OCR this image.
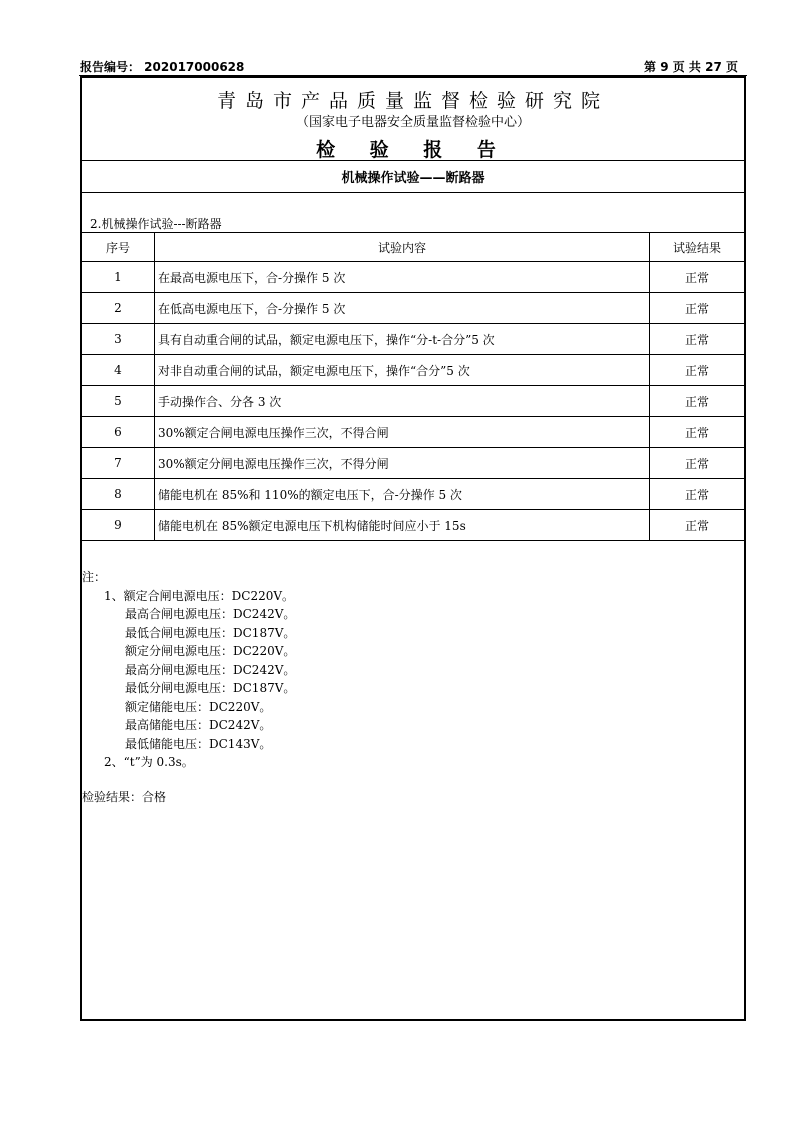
报告编号： 202017000628	第 9 页 共 27 页
青岛市产品质量监督检验研究院
（国家电子电器安全质量监督检验中心）
检 验 报 告
机械操作试验——断路器
2.机械操作试验---断路器
序号	试验内容	试验结果
1	在最高电源电压下，合-分操作 5 次	正常
2	在低高电源电压下，合-分操作 5 次	正常
3	具有自动重合闸的试品，额定电源电压下，操作“分-t-合分”5 次	正常
4	对非自动重合闸的试品，额定电源电压下，操作“合分”5 次	正常
5	手动操作合、分各 3 次	正常
6	30%额定合闸电源电压操作三次，不得合闸	正常
7	30%额定分闸电源电压操作三次，不得分闸	正常
8	储能电机在 85%和 110%的额定电压下，合-分操作 5 次	正常
9	储能电机在 85%额定电源电压下机构储能时间应小于 15s	正常
注：
1、额定合闸电源电压：DC220V。
最高合闸电源电压：DC242V。
最低合闸电源电压：DC187V。
额定分闸电源电压：DC220V。
最高分闸电源电压：DC242V。
最低分闸电源电压：DC187V。
额定储能电压：DC220V。
最高储能电压：DC242V。
最低储能电压：DC143V。
2、“t”为 0.3s。
检验结果：合格
